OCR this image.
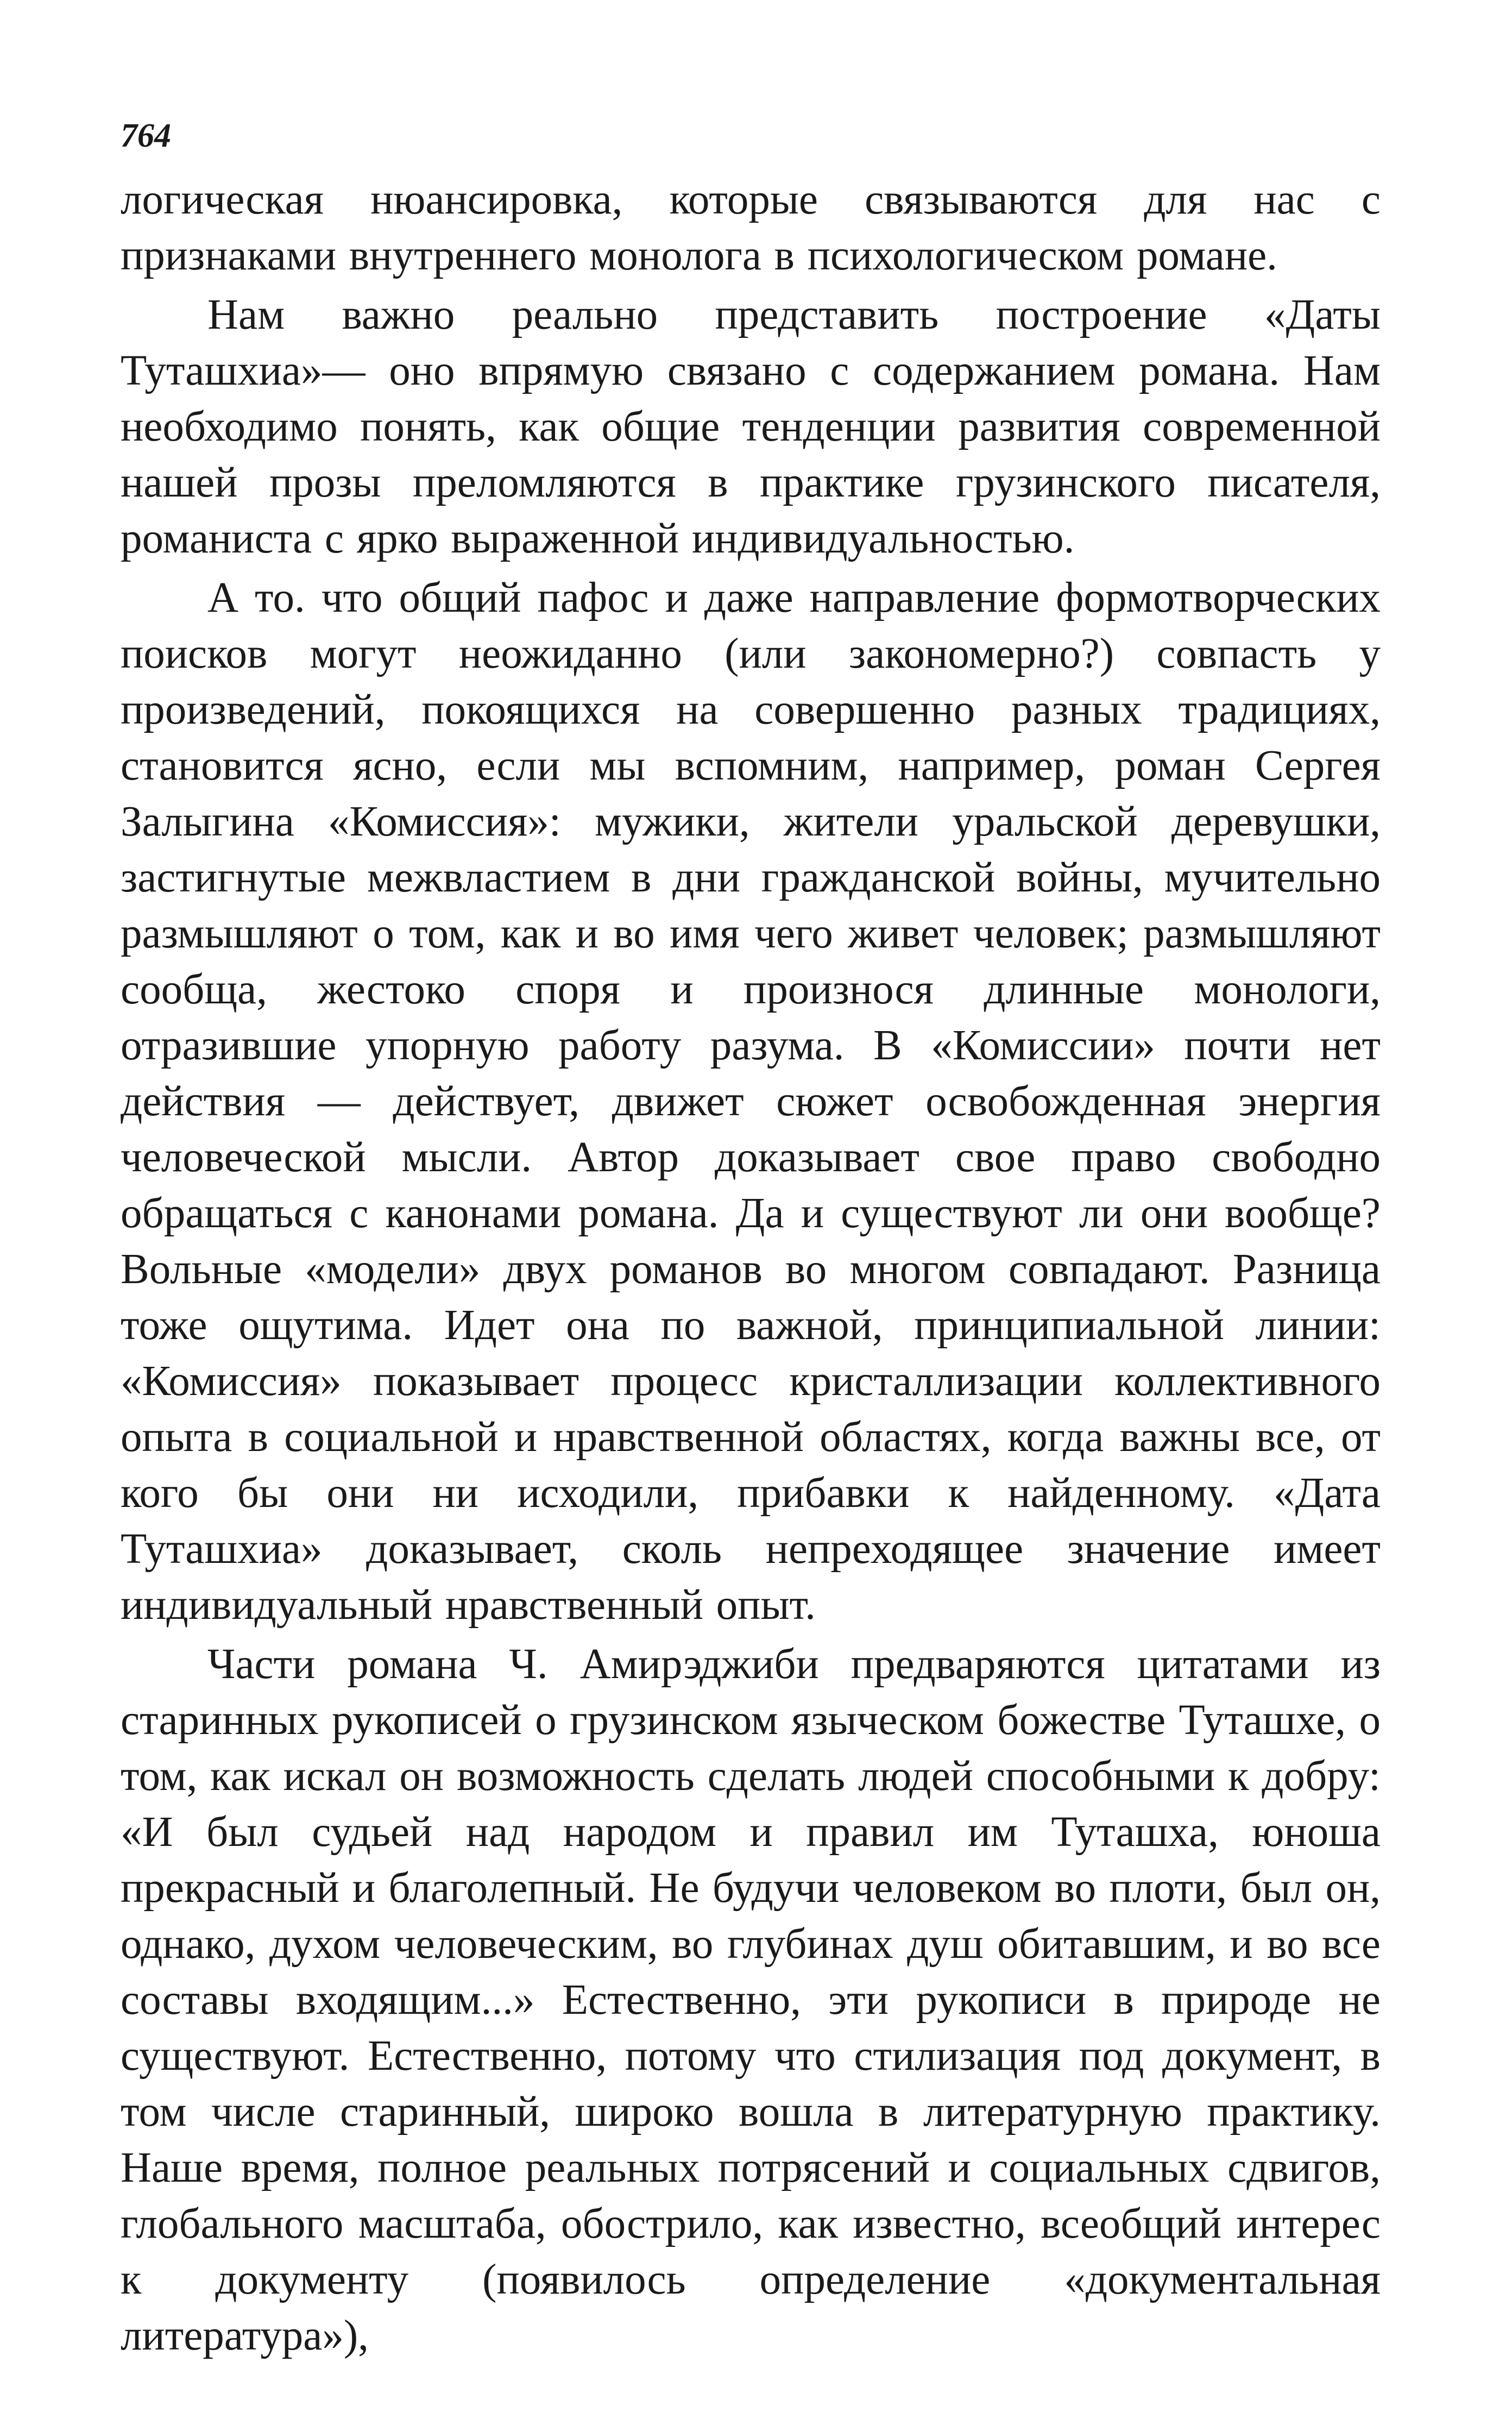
764

логическая нюансировка, которые связываются для нас с признаками внутреннего монолога в психологическом романе.

Нам важно реально представить построение «Даты Туташхиа»— оно впрямую связано с содержанием романа. Нам необходимо понять, как общие тенденции развития современной нашей прозы преломляются в практике грузинского писателя, романиста с ярко выраженной индивидуальностью.

А то. что общий пафос и даже направление формотворческих поисков могут неожиданно (или закономерно?) совпасть у произведений, покоящихся на совершенно разных традициях, становится ясно, если мы вспомним, например, роман Сергея Залыгина «Комиссия»: мужики, жители уральской деревушки, застигнутые межвластием в дни гражданской войны, мучительно размышляют о том, как и во имя чего живет человек; размышляют сообща, жестоко споря и произнося длинные монологи, отразившие упорную работу разума. В «Комиссии» почти нет действия — действует, движет сюжет освобожденная энергия человеческой мысли. Автор доказывает свое право свободно обращаться с канонами романа. Да и существуют ли они вообще? Вольные «модели» двух романов во многом совпадают. Разница тоже ощутима. Идет она по важной, принципиальной линии: «Комиссия» показывает процесс кристаллизации коллективного опыта в социальной и нравственной областях, когда важны все, от кого бы они ни исходили, прибавки к найденному. «Дата Туташхиа» доказывает, сколь непреходящее значение имеет индивидуальный нравственный опыт.

Части романа Ч. Амирэджиби предваряются цитатами из старинных рукописей о грузинском языческом божестве Туташхе, о том, как искал он возможность сделать людей способными к добру: «И был судьей над народом и правил им Туташха, юноша прекрасный и благолепный. Не будучи человеком во плоти, был он, однако, духом человеческим, во глубинах душ обитавшим, и во все составы входящим...» Естественно, эти рукописи в природе не существуют. Естественно, потому что стилизация под документ, в том числе старинный, широко вошла в литературную практику. Наше время, полное реальных потрясений и социальных сдвигов, глобального масштаба, обострило, как известно, всеобщий интерес к документу (появилось определение «документальная литература»),
